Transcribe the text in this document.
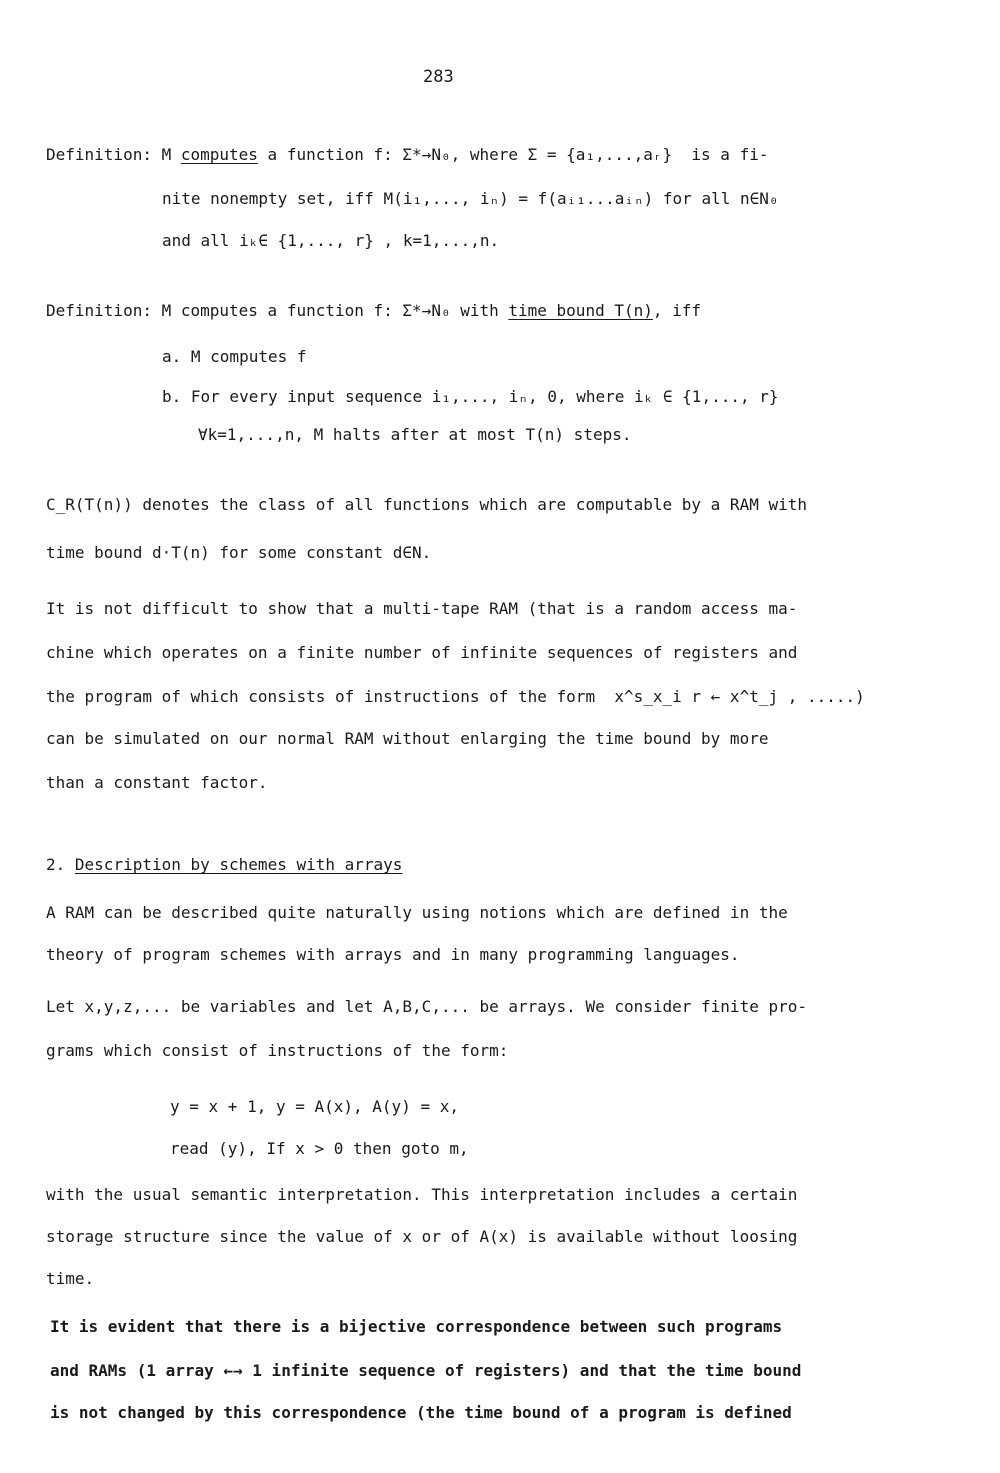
283
Definition: M computes a function f: Σ*→N₀, where Σ = {a₁,...,aᵣ}  is a fi-
nite nonempty set, iff M(i₁,..., iₙ) = f(aᵢ₁...aᵢₙ) for all n∈N₀
and all iₖ∈ {1,..., r} , k=1,...,n.
Definition: M computes a function f: Σ*→N₀ with time bound T(n), iff
a. M computes f
b. For every input sequence i₁,..., iₙ, 0, where iₖ ∈ {1,..., r}
∀k=1,...,n, M halts after at most T(n) steps.
C_R(T(n)) denotes the class of all functions which are computable by a RAM with
time bound d·T(n) for some constant d∈N.
It is not difficult to show that a multi-tape RAM (that is a random access ma-
chine which operates on a finite number of infinite sequences of registers and
the program of which consists of instructions of the form  x^s_x_i r ← x^t_j , .....)
can be simulated on our normal RAM without enlarging the time bound by more
than a constant factor.
2. Description by schemes with arrays
A RAM can be described quite naturally using notions which are defined in the
theory of program schemes with arrays and in many programming languages.
Let x,y,z,... be variables and let A,B,C,... be arrays. We consider finite pro-
grams which consist of instructions of the form:
y = x + 1, y = A(x), A(y) = x,
read (y), If x > 0 then goto m,
with the usual semantic interpretation. This interpretation includes a certain
storage structure since the value of x or of A(x) is available without loosing
time.
It is evident that there is a bijective correspondence between such programs
and RAMs (1 array ←→ 1 infinite sequence of registers) and that the time bound
is not changed by this correspondence (the time bound of a program is defined
